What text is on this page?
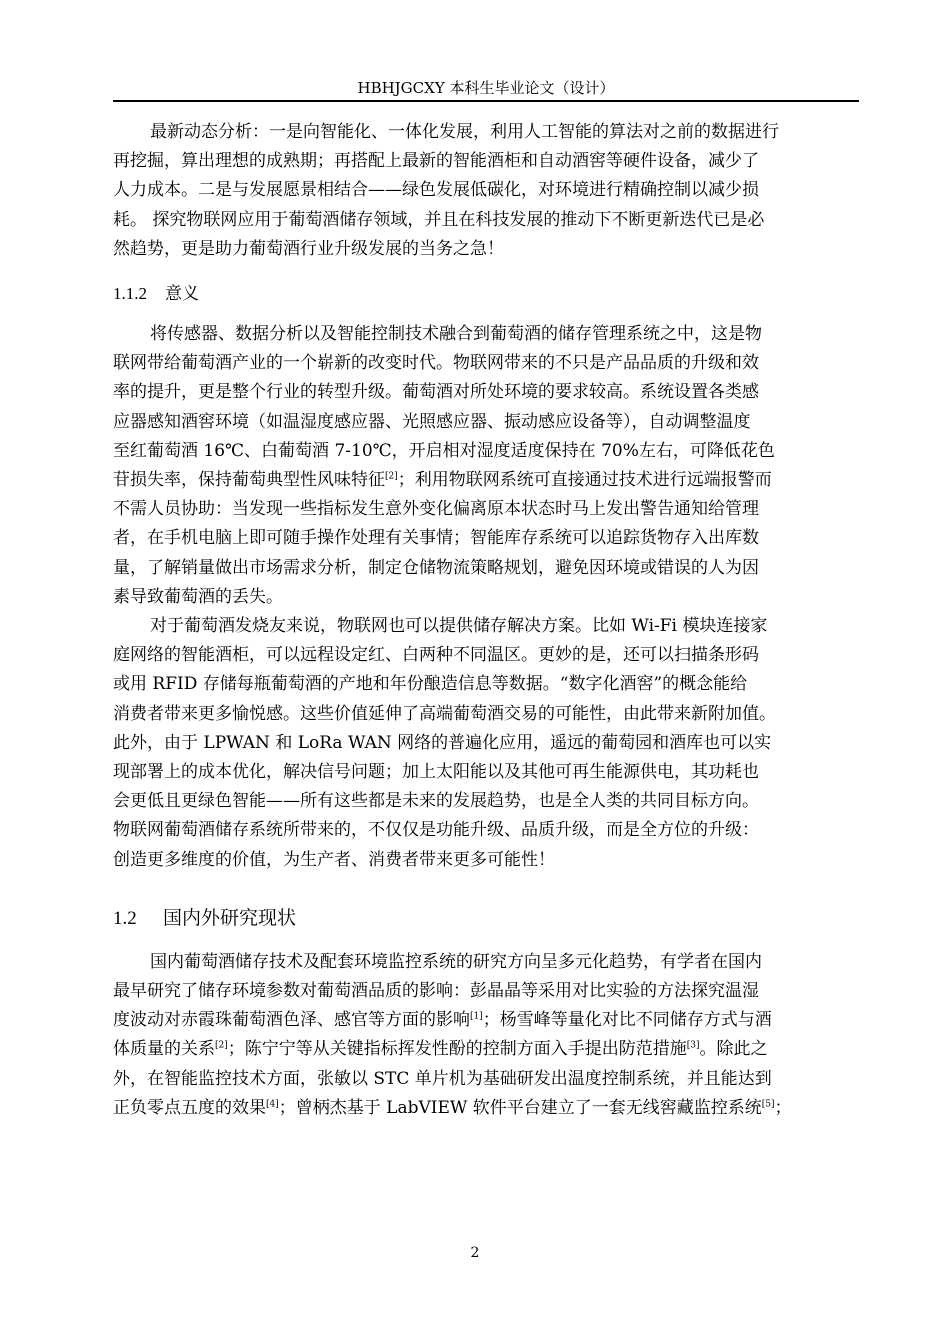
HBHJGCXY 本科生毕业论文（设计）

最新动态分析：一是向智能化、一体化发展，利用人工智能的算法对之前的数据进行
再挖掘，算出理想的成熟期；再搭配上最新的智能酒柜和自动酒窖等硬件设备，减少了
人力成本。二是与发展愿景相结合——绿色发展低碳化，对环境进行精确控制以减少损
耗。 探究物联网应用于葡萄酒储存领域，并且在科技发展的推动下不断更新迭代已是必
然趋势，更是助力葡萄酒行业升级发展的当务之急！

1.1.2 意义

将传感器、数据分析以及智能控制技术融合到葡萄酒的储存管理系统之中，这是物
联网带给葡萄酒产业的一个崭新的改变时代。物联网带来的不只是产品品质的升级和效
率的提升，更是整个行业的转型升级。葡萄酒对所处环境的要求较高。系统设置各类感
应器感知酒窖环境（如温湿度感应器、光照感应器、振动感应设备等），自动调整温度
至红葡萄酒 16℃、白葡萄酒 7-10℃，开启相对湿度适度保持在 70%左右，可降低花色
苷损失率，保持葡萄典型性风味特征[2]；利用物联网系统可直接通过技术进行远端报警而
不需人员协助：当发现一些指标发生意外变化偏离原本状态时马上发出警告通知给管理
者，在手机电脑上即可随手操作处理有关事情；智能库存系统可以追踪货物存入出库数
量，了解销量做出市场需求分析，制定仓储物流策略规划，避免因环境或错误的人为因
素导致葡萄酒的丢失。

对于葡萄酒发烧友来说，物联网也可以提供储存解决方案。比如 Wi-Fi 模块连接家
庭网络的智能酒柜，可以远程设定红、白两种不同温区。更妙的是，还可以扫描条形码
或用 RFID 存储每瓶葡萄酒的产地和年份酿造信息等数据。“数字化酒窖”的概念能给
消费者带来更多愉悦感。这些价值延伸了高端葡萄酒交易的可能性，由此带来新附加值。
此外，由于 LPWAN 和 LoRa WAN 网络的普遍化应用，遥远的葡萄园和酒库也可以实
现部署上的成本优化，解决信号问题；加上太阳能以及其他可再生能源供电，其功耗也
会更低且更绿色智能——所有这些都是未来的发展趋势，也是全人类的共同目标方向。
物联网葡萄酒储存系统所带来的，不仅仅是功能升级、品质升级，而是全方位的升级：
创造更多维度的价值，为生产者、消费者带来更多可能性！

1.2 国内外研究现状

国内葡萄酒储存技术及配套环境监控系统的研究方向呈多元化趋势，有学者在国内
最早研究了储存环境参数对葡萄酒品质的影响：彭晶晶等采用对比实验的方法探究温湿
度波动对赤霞珠葡萄酒色泽、感官等方面的影响[1]；杨雪峰等量化对比不同储存方式与酒
体质量的关系[2]；陈宁宁等从关键指标挥发性酚的控制方面入手提出防范措施[3]。除此之
外，在智能监控技术方面，张敏以 STC 单片机为基础研发出温度控制系统，并且能达到
正负零点五度的效果[4]；曾柄杰基于 LabVIEW 软件平台建立了一套无线窖藏监控系统[5]；

2
